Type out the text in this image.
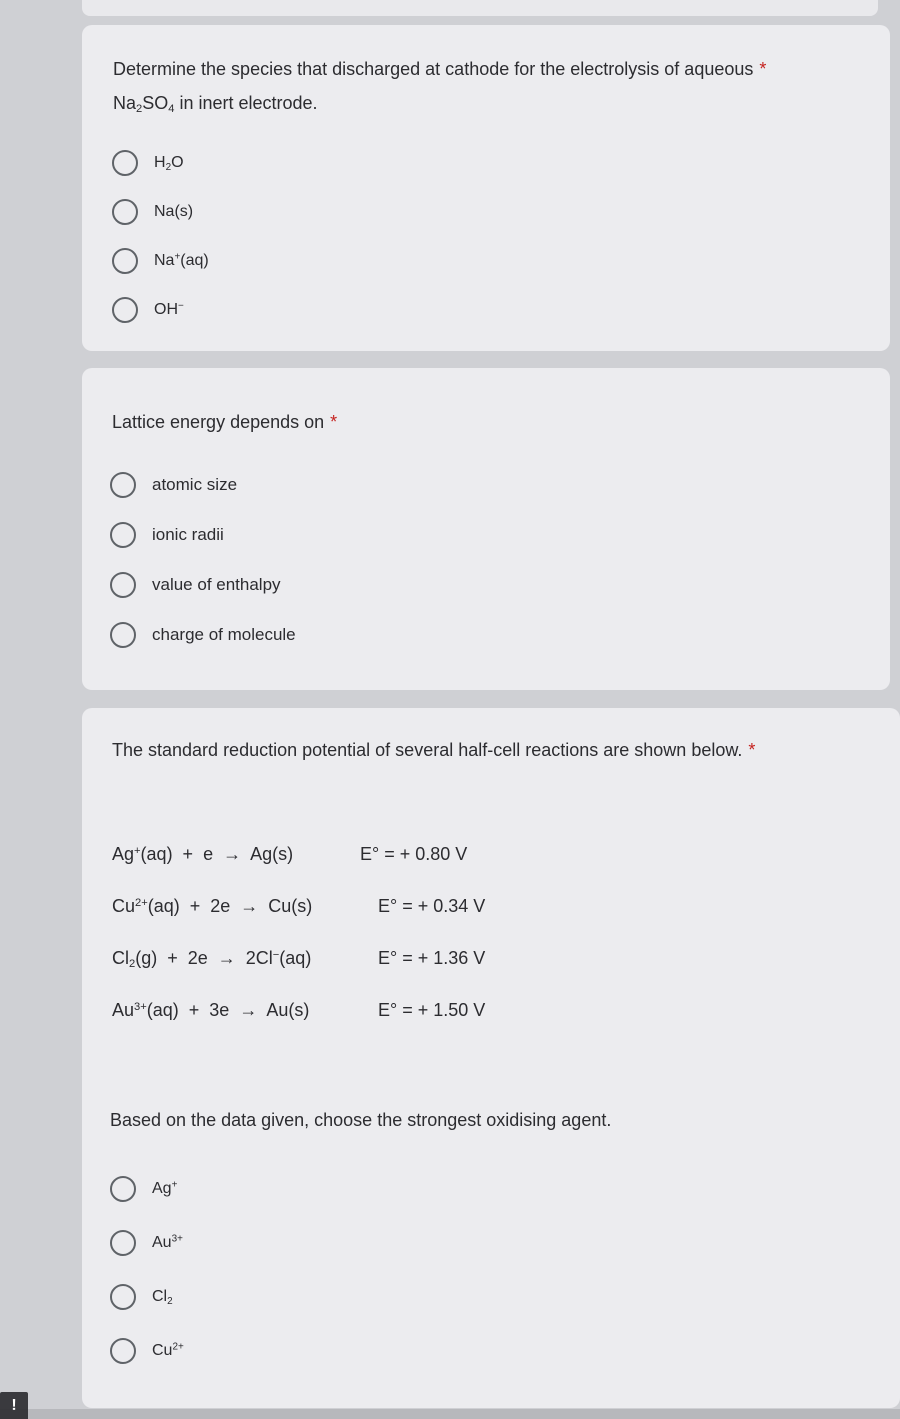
Determine the species that discharged at cathode for the electrolysis of aqueous *
$Na_2SO_4$ in inert electrode.
$H_2O$
Na(s)
Na+(aq)
OH−
Lattice energy depends on *
atomic size
ionic radii
value of enthalpy
charge of molecule
The standard reduction potential of several half-cell reactions are shown below. *
Ag+(aq)  +  e  →  Ag(s)	E° = + 0.80 V
$Cu^{2+}(aq) + 2e \to Cu(s)$	E° = + 0.34 V
$Cl_2(g) + 2e \to 2Cl^-(aq)$	E° = + 1.36 V
$Au^{3+}(aq) + 3e \to Au(s)$	E° = + 1.50 V
Based on the data given, choose the strongest oxidising agent.
Ag+
$Au^{3+}$
$Cl_2$
$Cu^{2+}$
!
